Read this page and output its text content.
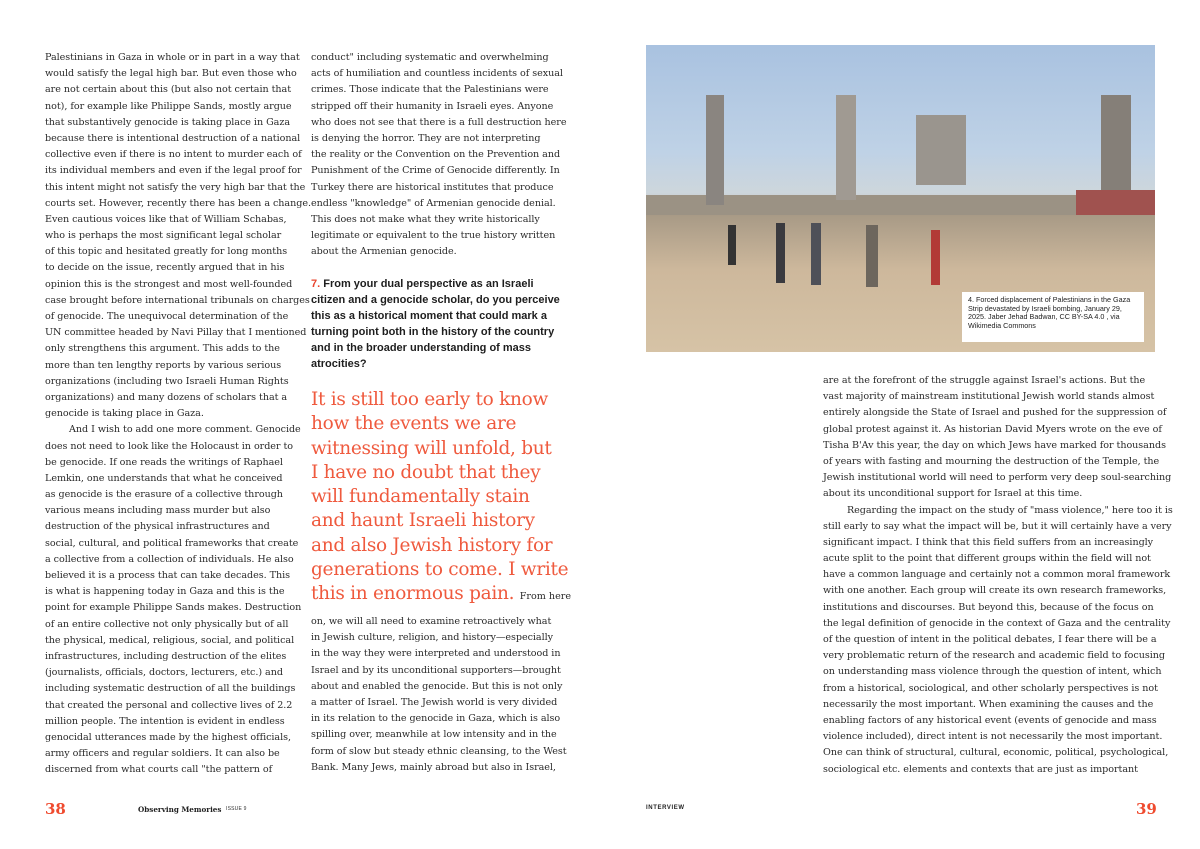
Palestinians in Gaza in whole or in part in a way that
would satisfy the legal high bar. But even those who
are not certain about this (but also not certain that
not), for example like Philippe Sands, mostly argue
that substantively genocide is taking place in Gaza
because there is intentional destruction of a national
collective even if there is no intent to murder each of
its individual members and even if the legal proof for
this intent might not satisfy the very high bar that the
courts set. However, recently there has been a change.
Even cautious voices like that of William Schabas,
who is perhaps the most significant legal scholar
of this topic and hesitated greatly for long months
to decide on the issue, recently argued that in his
opinion this is the strongest and most well-founded
case brought before international tribunals on charges
of genocide. The unequivocal determination of the
UN committee headed by Navi Pillay that I mentioned
only strengthens this argument. This adds to the
more than ten lengthy reports by various serious
organizations (including two Israeli Human Rights
organizations) and many dozens of scholars that a
genocide is taking place in Gaza.
And I wish to add one more comment. Genocide
does not need to look like the Holocaust in order to
be genocide. If one reads the writings of Raphael
Lemkin, one understands that what he conceived
as genocide is the erasure of a collective through
various means including mass murder but also
destruction of the physical infrastructures and
social, cultural, and political frameworks that create
a collective from a collection of individuals. He also
believed it is a process that can take decades. This
is what is happening today in Gaza and this is the
point for example Philippe Sands makes. Destruction
of an entire collective not only physically but of all
the physical, medical, religious, social, and political
infrastructures, including destruction of the elites
(journalists, officials, doctors, lecturers, etc.) and
including systematic destruction of all the buildings
that created the personal and collective lives of 2.2
million people. The intention is evident in endless
genocidal utterances made by the highest officials,
army officers and regular soldiers. It can also be
discerned from what courts call "the pattern of
conduct" including systematic and overwhelming
acts of humiliation and countless incidents of sexual
crimes. Those indicate that the Palestinians were
stripped off their humanity in Israeli eyes. Anyone
who does not see that there is a full destruction here
is denying the horror. They are not interpreting
the reality or the Convention on the Prevention and
Punishment of the Crime of Genocide differently. In
Turkey there are historical institutes that produce
endless "knowledge" of Armenian genocide denial.
This does not make what they write historically
legitimate or equivalent to the true history written
about the Armenian genocide.
7. From your dual perspective as an Israeli
citizen and a genocide scholar, do you perceive
this as a historical moment that could mark a
turning point both in the history of the country
and in the broader understanding of mass
atrocities?
It is still too early to know
how the events we are
witnessing will unfold, but
I have no doubt that they
will fundamentally stain
and haunt Israeli history
and also Jewish history for
generations to come. I write
this in enormous pain. From here
on, we will all need to examine retroactively what
in Jewish culture, religion, and history—especially
in the way they were interpreted and understood in
Israel and by its unconditional supporters—brought
about and enabled the genocide. But this is not only
a matter of Israel. The Jewish world is very divided
in its relation to the genocide in Gaza, which is also
spilling over, meanwhile at low intensity and in the
form of slow but steady ethnic cleansing, to the West
Bank. Many Jews, mainly abroad but also in Israel,
4. Forced displacement of Palestinians in the Gaza
Strip devastated by Israeli bombing, January 29,
2025. Jaber Jehad Badwan, CC BY-SA 4.0 , via
Wikimedia Commons
are at the forefront of the struggle against Israel's actions. But the
vast majority of mainstream institutional Jewish world stands almost
entirely alongside the State of Israel and pushed for the suppression of
global protest against it. As historian David Myers wrote on the eve of
Tisha B'Av this year, the day on which Jews have marked for thousands
of years with fasting and mourning the destruction of the Temple, the
Jewish institutional world will need to perform very deep soul-searching
about its unconditional support for Israel at this time.
Regarding the impact on the study of "mass violence," here too it is
still early to say what the impact will be, but it will certainly have a very
significant impact. I think that this field suffers from an increasingly
acute split to the point that different groups within the field will not
have a common language and certainly not a common moral framework
with one another. Each group will create its own research frameworks,
institutions and discourses. But beyond this, because of the focus on
the legal definition of genocide in the context of Gaza and the centrality
of the question of intent in the political debates, I fear there will be a
very problematic return of the research and academic field to focusing
on understanding mass violence through the question of intent, which
from a historical, sociological, and other scholarly perspectives is not
necessarily the most important. When examining the causes and the
enabling factors of any historical event (events of genocide and mass
violence included), direct intent is not necessarily the most important.
One can think of structural, cultural, economic, political, psychological,
sociological etc. elements and contexts that are just as important
38	Observing Memories ISSUE 9	INTERVIEW	39
